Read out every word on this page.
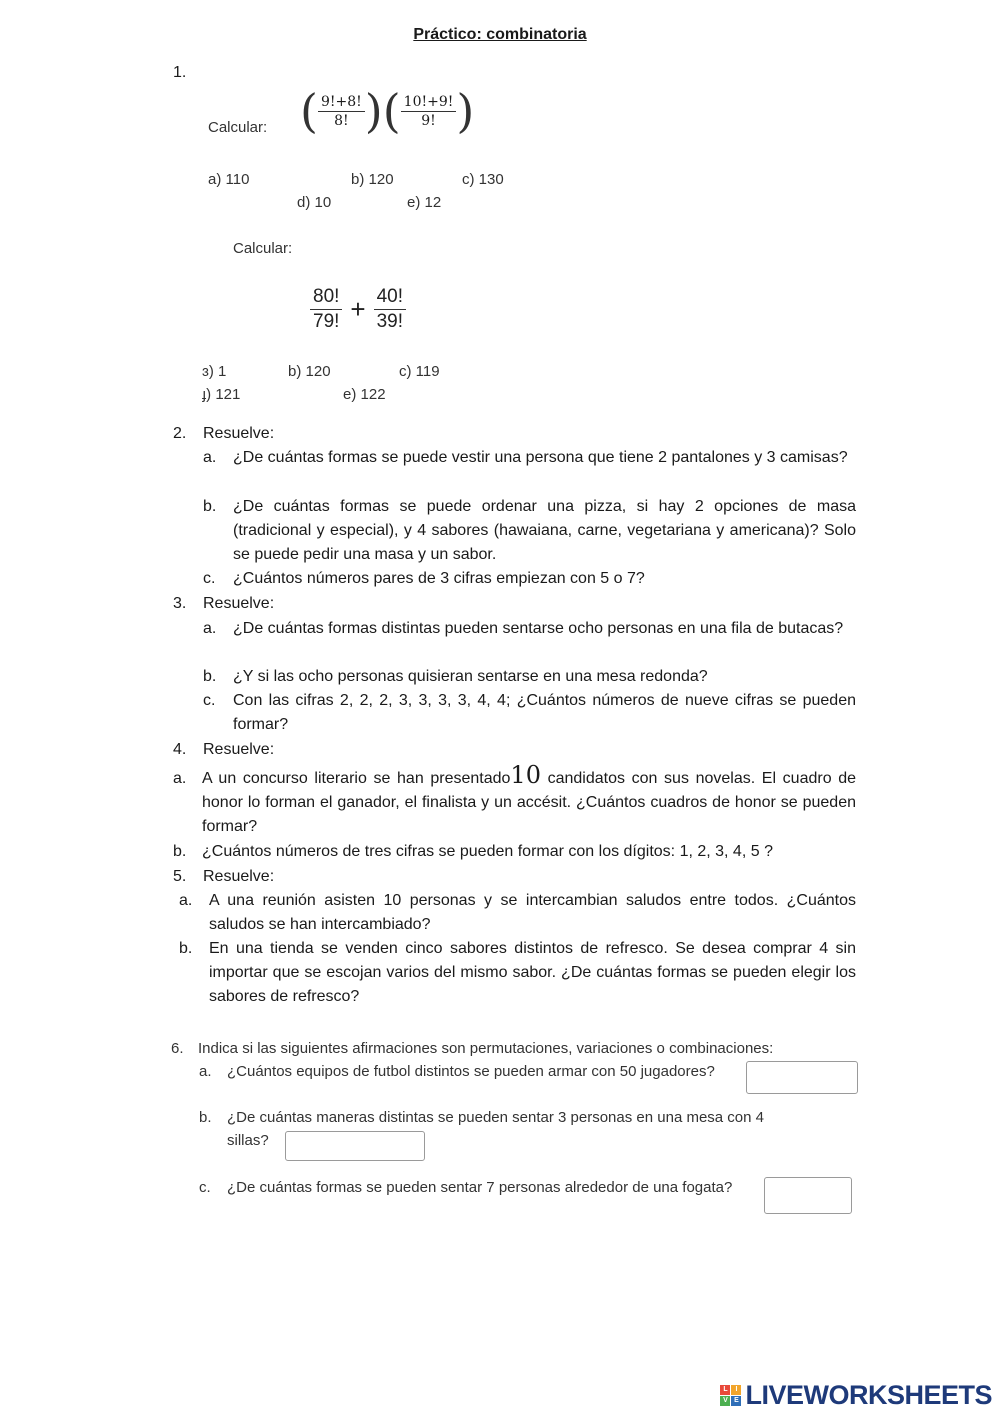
Práctico: combinatoria
1.
Calcular: ( $\frac{9!+8!}{8!}$ ) ( $\frac{10!+9!}{9!}$ )
a) 110	b) 120	c) 130
d) 10	e) 12
Calcular:
$\frac{80!}{79!} + \frac{40!}{39!}$
ɜ) 1	b) 120	c) 119
ɟ) 121	e) 122
2. Resuelve:
a. ¿De cuántas formas se puede vestir una persona que tiene 2 pantalones y 3 camisas?
b. ¿De cuántas formas se puede ordenar una pizza, si hay 2 opciones de masa (tradicional y especial), y 4 sabores (hawaiana, carne, vegetariana y americana)? Solo se puede pedir una masa y un sabor.
c. ¿Cuántos números pares de 3 cifras empiezan con 5 o 7?
3. Resuelve:
a. ¿De cuántas formas distintas pueden sentarse ocho personas en una fila de butacas?
b. ¿Y si las ocho personas quisieran sentarse en una mesa redonda?
c. Con las cifras 2, 2, 2, 3, 3, 3, 3, 4, 4; ¿Cuántos números de nueve cifras se pueden formar?
4. Resuelve:
a. A un concurso literario se han presentado10 candidatos con sus novelas. El cuadro de honor lo forman el ganador, el finalista y un accésit. ¿Cuántos cuadros de honor se pueden formar?
b. ¿Cuántos números de tres cifras se pueden formar con los dígitos: 1, 2, 3, 4, 5 ?
5. Resuelve:
a. A una reunión asisten 10 personas y se intercambian saludos entre todos. ¿Cuántos saludos se han intercambiado?
b. En una tienda se venden cinco sabores distintos de refresco. Se desea comprar 4 sin importar que se escojan varios del mismo sabor. ¿De cuántas formas se pueden elegir los sabores de refresco?
6. Indica si las siguientes afirmaciones son permutaciones, variaciones o combinaciones:
a. ¿Cuántos equipos de futbol distintos se pueden armar con 50 jugadores?
b. ¿De cuántas maneras distintas se pueden sentar 3 personas en una mesa con 4
sillas?
c. ¿De cuántas formas se pueden sentar 7 personas alrededor de una fogata?
L	I
V E LIVEWORKSHEETS
